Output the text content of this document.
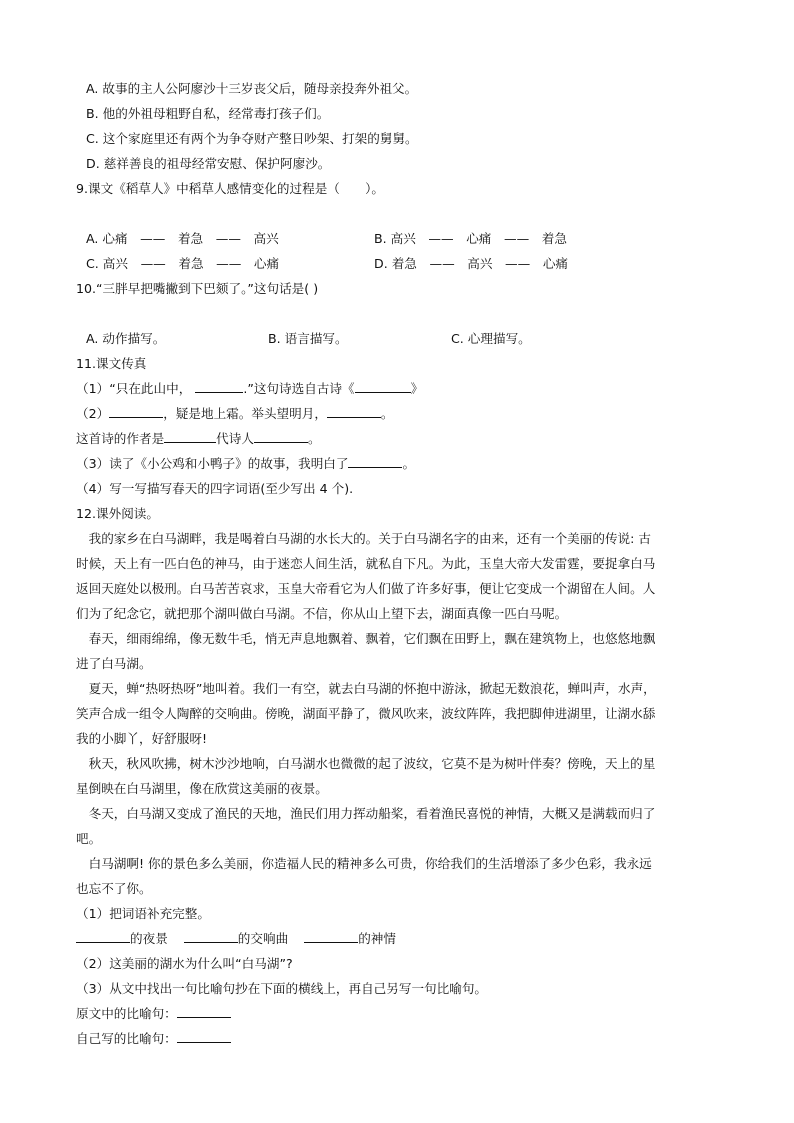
A. 故事的主人公阿廖沙十三岁丧父后，随母亲投奔外祖父。
B. 他的外祖母粗野自私，经常毒打孩子们。
C. 这个家庭里还有两个为争夺财产整日吵架、打架的舅舅。
D. 慈祥善良的祖母经常安慰、保护阿廖沙。
9.课文《稻草人》中稻草人感情变化的过程是（　　）。
A. 心痛　——　着急　——　高兴	B. 高兴　——　心痛　——　着急
C. 高兴　——　着急　——　心痛	D. 着急　——　高兴　——　心痛
10.“三胖早把嘴撇到下巴颏了。”这句话是( )
A. 动作描写。	B. 语言描写。	C. 心理描写。
11.课文传真
（1）“只在此山中，	.”这句诗选自古诗《	》
（2）	，疑是地上霜。举头望明月，	。
这首诗的作者是	代诗人	。
（3）读了《小公鸡和小鸭子》的故事，我明白了	。
（4）写一写描写春天的四字词语(至少写出 4 个).
12.课外阅读。
　我的家乡在白马湖畔，我是喝着白马湖的水长大的。关于白马湖名字的由来，还有一个美丽的传说: 古
时候，天上有一匹白色的神马，由于迷恋人间生活，就私自下凡。为此，玉皇大帝大发雷霆，要捉拿白马
返回天庭处以极刑。白马苦苦哀求，玉皇大帝看它为人们做了许多好事，便让它变成一个湖留在人间。人
们为了纪念它，就把那个湖叫做白马湖。不信，你从山上望下去，湖面真像一匹白马呢。
　春天，细雨绵绵，像无数牛毛，悄无声息地飘着、飘着，它们飘在田野上，飘在建筑物上，也悠悠地飘
进了白马湖。
　夏天，蝉“热呀热呀”地叫着。我们一有空，就去白马湖的怀抱中游泳，掀起无数浪花，蝉叫声，水声，
笑声合成一组令人陶醉的交响曲。傍晚，湖面平静了，微风吹来，波纹阵阵，我把脚伸进湖里，让湖水舔
我的小脚丫，好舒服呀!
　秋天，秋风吹拂，树木沙沙地响，白马湖水也微微的起了波纹，它莫不是为树叶伴奏？傍晚，天上的星
星倒映在白马湖里，像在欣赏这美丽的夜景。
　冬天，白马湖又变成了渔民的天地，渔民们用力挥动船桨，看着渔民喜悦的神情，大概又是满载而归了
吧。
　白马湖啊! 你的景色多么美丽，你造福人民的精神多么可贵，你给我们的生活增添了多少色彩，我永远
也忘不了你。
（1）把词语补充完整。
的夜景	的交响曲	的神情
（2）这美丽的湖水为什么叫“白马湖”?
（3）从文中找出一句比喻句抄在下面的横线上，再自己另写一句比喻句。
原文中的比喻句：
自己写的比喻句：
